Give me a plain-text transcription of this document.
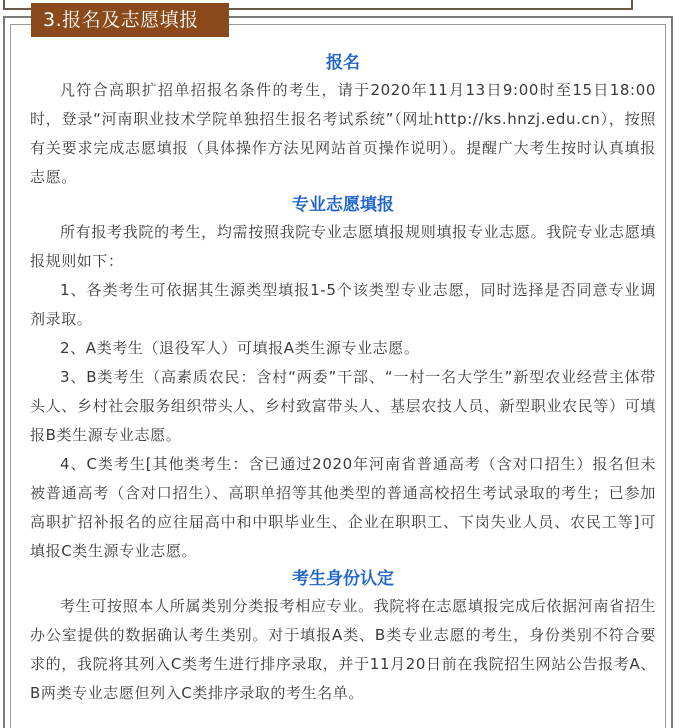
3.报名及志愿填报
报名

凡符合高职扩招单招报名条件的考生，请于2020年11月13日9:00时至15日18:00时，登录“河南职业技术学院单独招生报名考试系统”（网址http://ks.hnzj.edu.cn），按照有关要求完成志愿填报（具体操作方法见网站首页操作说明）。提醒广大考生按时认真填报志愿。

专业志愿填报

所有报考我院的考生，均需按照我院专业志愿填报规则填报专业志愿。我院专业志愿填报规则如下：

1、各类考生可依据其生源类型填报1-5个该类型专业志愿，同时选择是否同意专业调剂录取。

2、A类考生（退役军人）可填报A类生源专业志愿。

3、B类考生（高素质农民：含村“两委”干部、“一村一名大学生”新型农业经营主体带头人、乡村社会服务组织带头人、乡村致富带头人、基层农技人员、新型职业农民等）可填报B类生源专业志愿。

4、C类考生[其他类考生：含已通过2020年河南省普通高考（含对口招生）报名但未被普通高考（含对口招生）、高职单招等其他类型的普通高校招生考试录取的考生；已参加高职扩招补报名的应往届高中和中职毕业生、企业在职职工、下岗失业人员、农民工等]可填报C类生源专业志愿。

考生身份认定

考生可按照本人所属类别分类报考相应专业。我院将在志愿填报完成后依据河南省招生办公室提供的数据确认考生类别。对于填报A类、B类专业志愿的考生，身份类别不符合要求的，我院将其列入C类考生进行排序录取，并于11月20日前在我院招生网站公告报考A、B两类专业志愿但列入C类排序录取的考生名单。
